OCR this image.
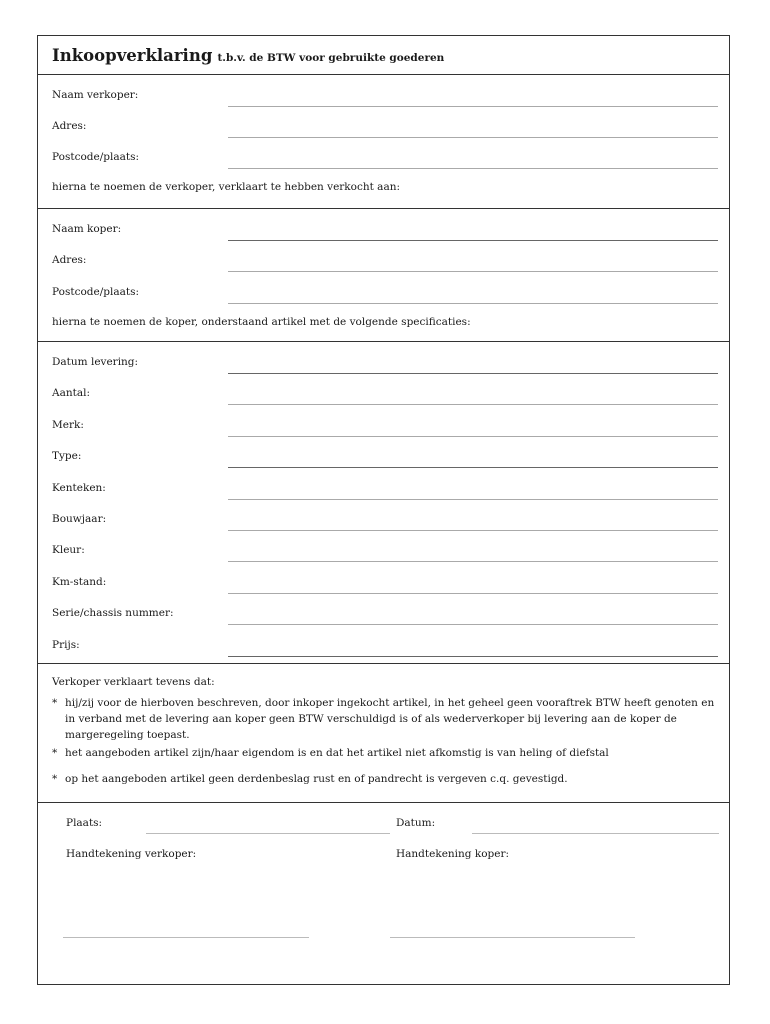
Inkoopverklaring t.b.v. de BTW voor gebruikte goederen
Naam verkoper:
Adres:
Postcode/plaats:
hierna te noemen de verkoper, verklaart te hebben verkocht aan:
Naam koper:
Adres:
Postcode/plaats:
hierna te noemen de koper, onderstaand artikel met de volgende specificaties:
Datum levering:
Aantal:
Merk:
Type:
Kenteken:
Bouwjaar:
Kleur:
Km-stand:
Serie/chassis nummer:
Prijs:
Verkoper verklaart tevens dat:
* hij/zij voor de hierboven beschreven, door inkoper ingekocht artikel, in het geheel geen vooraftrek BTW heeft genoten en in verband met de levering aan koper geen BTW verschuldigd is of als wederverkoper bij levering aan de koper de margeregeling toepast.
* het aangeboden artikel zijn/haar eigendom is en dat het artikel niet afkomstig is van heling of diefstal
* op het aangeboden artikel geen derdenbeslag rust en of pandrecht is vergeven c.q. gevestigd.
Plaats:	Datum:
Handtekening verkoper:	Handtekening koper:
